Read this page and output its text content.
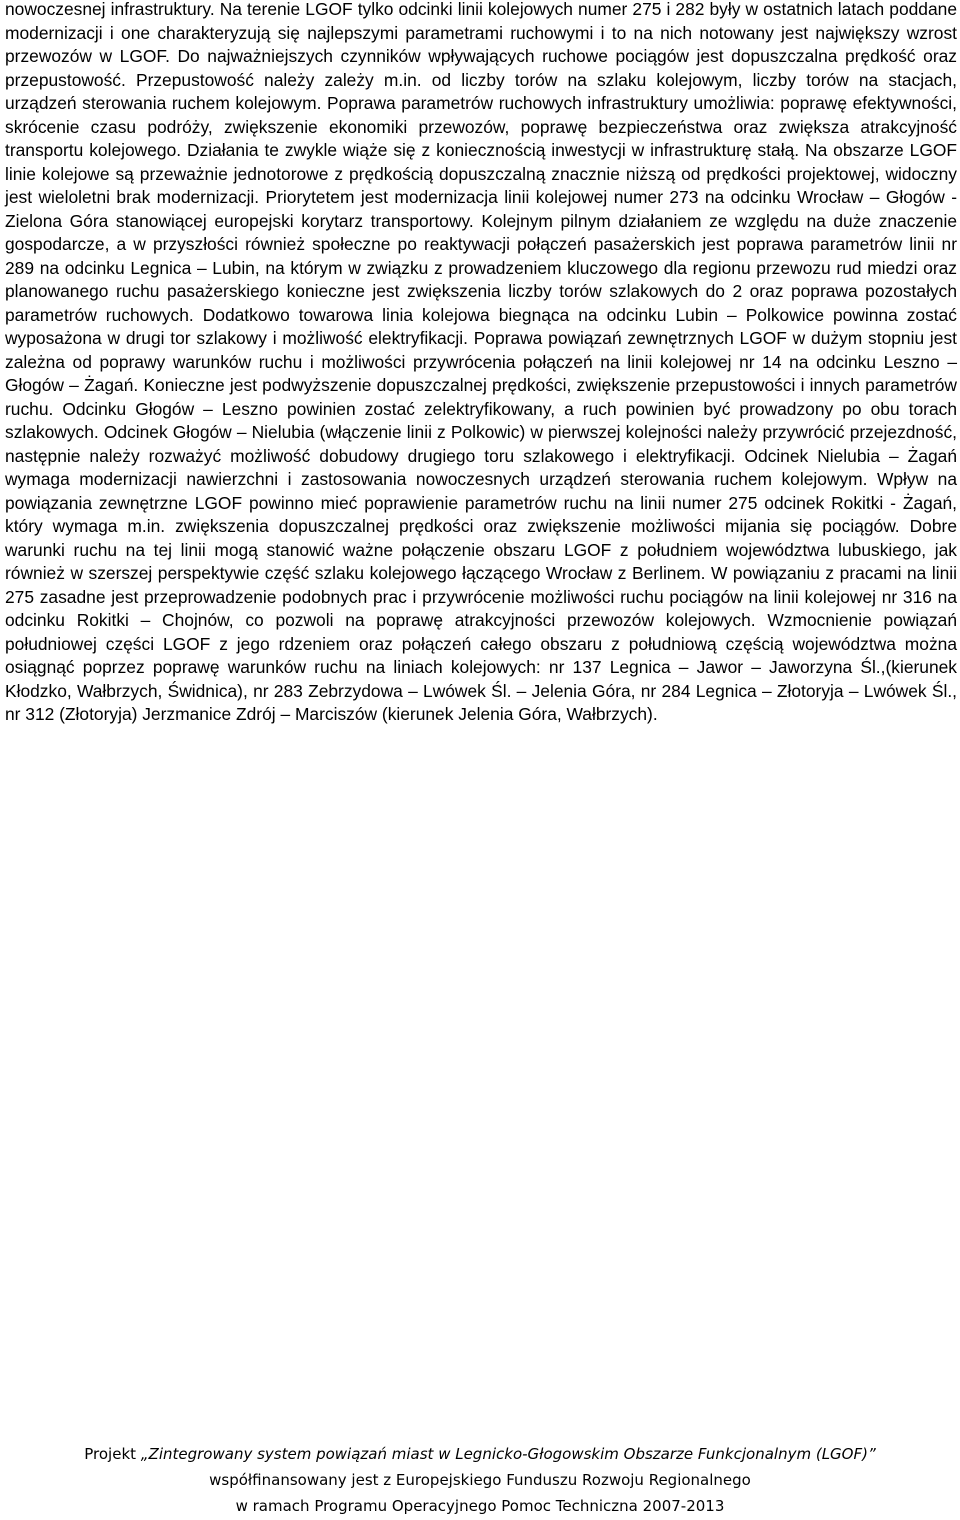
nowoczesnej infrastruktury. Na terenie LGOF tylko odcinki linii kolejowych numer 275 i 282 były w ostatnich latach poddane modernizacji i one charakteryzują się najlepszymi parametrami ruchowymi i to na nich notowany jest największy wzrost przewozów w LGOF. Do najważniejszych czynników wpływających ruchowe pociągów jest dopuszczalna prędkość oraz przepustowość. Przepustowość należy zależy m.in. od liczby torów na szlaku kolejowym, liczby torów na stacjach, urządzeń sterowania ruchem kolejowym. Poprawa parametrów ruchowych infrastruktury umożliwia: poprawę efektywności, skrócenie czasu podróży, zwiększenie ekonomiki przewozów, poprawę bezpieczeństwa oraz zwiększa atrakcyjność transportu kolejowego. Działania te zwykle wiąże się z koniecznością inwestycji w infrastrukturę stałą. Na obszarze LGOF linie kolejowe są przeważnie jednotorowe z prędkością dopuszczalną znacznie niższą od prędkości projektowej, widoczny jest wieloletni brak modernizacji. Priorytetem jest modernizacja linii kolejowej numer 273 na odcinku Wrocław – Głogów - Zielona Góra stanowiącej europejski korytarz transportowy. Kolejnym pilnym działaniem ze względu na duże znaczenie gospodarcze, a w przyszłości również społeczne po reaktywacji połączeń pasażerskich jest poprawa parametrów linii nr 289 na odcinku Legnica – Lubin, na którym w związku z prowadzeniem kluczowego dla regionu przewozu rud miedzi oraz planowanego ruchu pasażerskiego konieczne jest zwiększenia liczby torów szlakowych do 2 oraz poprawa pozostałych parametrów ruchowych. Dodatkowo towarowa linia kolejowa biegnąca na odcinku Lubin – Polkowice powinna zostać wyposażona w drugi tor szlakowy i możliwość elektryfikacji. Poprawa powiązań zewnętrznych LGOF w dużym stopniu jest zależna od poprawy warunków ruchu i możliwości przywrócenia połączeń na linii kolejowej nr 14 na odcinku Leszno – Głogów – Żagań. Konieczne jest podwyższenie dopuszczalnej prędkości, zwiększenie przepustowości i innych parametrów ruchu. Odcinku Głogów – Leszno powinien zostać zelektryfikowany, a ruch powinien być prowadzony po obu torach szlakowych. Odcinek Głogów – Nielubia (włączenie linii z Polkowic) w pierwszej kolejności należy przywrócić przejezdność, następnie należy rozważyć możliwość dobudowy drugiego toru szlakowego i elektryfikacji. Odcinek Nielubia – Żagań wymaga modernizacji nawierzchni i zastosowania nowoczesnych urządzeń sterowania ruchem kolejowym. Wpływ na powiązania zewnętrzne LGOF powinno mieć poprawienie parametrów ruchu na linii numer 275 odcinek Rokitki - Żagań, który wymaga m.in. zwiększenia dopuszczalnej prędkości oraz zwiększenie możliwości mijania się pociągów. Dobre warunki ruchu na tej linii mogą stanowić ważne połączenie obszaru LGOF z południem województwa lubuskiego, jak również w szerszej perspektywie część szlaku kolejowego łączącego Wrocław z Berlinem. W powiązaniu z pracami na linii 275 zasadne jest przeprowadzenie podobnych prac i przywrócenie możliwości ruchu pociągów na linii kolejowej nr 316 na odcinku Rokitki – Chojnów, co pozwoli na poprawę atrakcyjności przewozów kolejowych. Wzmocnienie powiązań południowej części LGOF z jego rdzeniem oraz połączeń całego obszaru z południową częścią województwa można osiągnąć poprzez poprawę warunków ruchu na liniach kolejowych: nr 137 Legnica – Jawor – Jaworzyna Śl.,(kierunek Kłodzko, Wałbrzych, Świdnica), nr 283 Zebrzydowa – Lwówek Śl. – Jelenia Góra, nr 284 Legnica – Złotoryja – Lwówek Śl., nr 312 (Złotoryja) Jerzmanice Zdrój – Marciszów (kierunek Jelenia Góra, Wałbrzych).

Projekt „Zintegrowany system powiązań miast w Legnicko-Głogowskim Obszarze Funkcjonalnym (LGOF)”
współfinansowany jest z Europejskiego Funduszu Rozwoju Regionalnego
w ramach Programu Operacyjnego Pomoc Techniczna 2007-2013
